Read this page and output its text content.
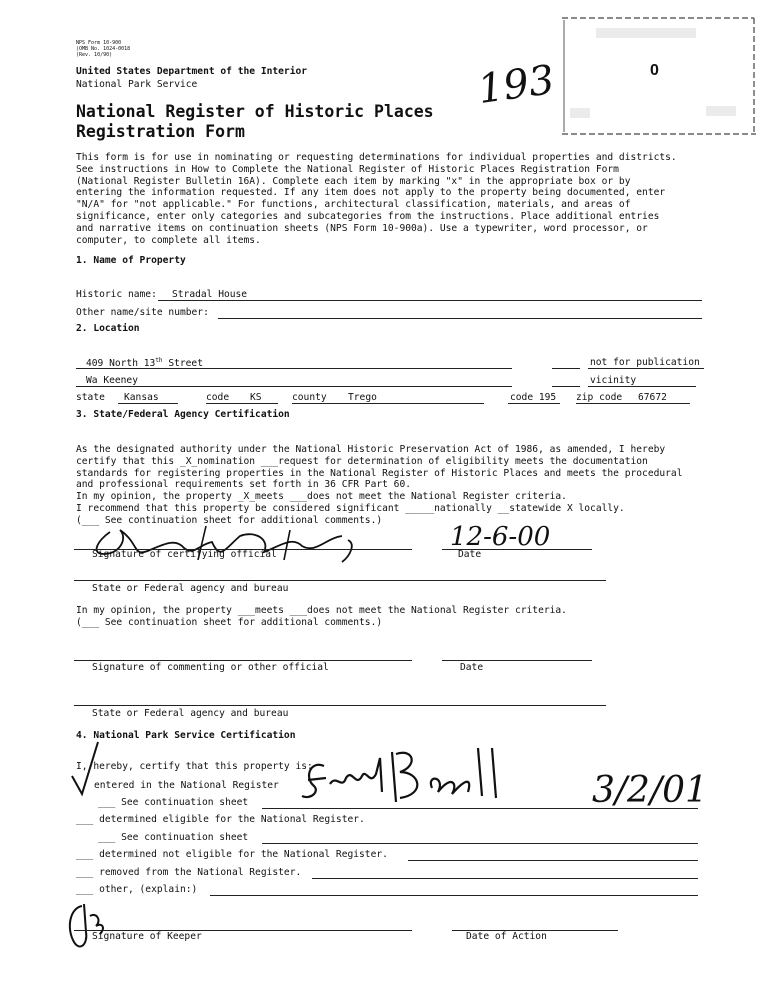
NPS Form 10-900
(OMB No. 1024-0018
(Rev. 10/90)
United States Department of the Interior
National Park Service
National Register of Historic Places
Registration Form
193	0
This form is for use in nominating or requesting determinations for individual properties and districts.
See instructions in How to Complete the National Register of Historic Places Registration Form
(National Register Bulletin 16A). Complete each item by marking "x" in the appropriate box or by
entering the information requested. If any item does not apply to the property being documented, enter
"N/A" for "not applicable." For functions, architectural classification, materials, and areas of
significance, enter only categories and subcategories from the instructions. Place additional entries
and narrative items on continuation sheets (NPS Form 10-900a). Use a typewriter, word processor, or
computer, to complete all items.
1. Name of Property
Historic name: Stradal House
Other name/site number:
2. Location
409 North 13th Street	not for publication
Wa Keeney	vicinity
state Kansas	code KS	county Trego	code 195 zip code 67672
3. State/Federal Agency Certification
As the designated authority under the National Historic Preservation Act of 1986, as amended, I hereby
certify that this _X_nomination ___request for determination of eligibility meets the documentation
standards for registering properties in the National Register of Historic Places and meets the procedural
and professional requirements set forth in 36 CFR Part 60.
In my opinion, the property _X_meets ___does not meet the National Register criteria.
I recommend that this property be considered significant _____nationally __statewide X locally.
(___ See continuation sheet for additional comments.)
12-6-00
Signature of certifying official	Date
State or Federal agency and bureau
In my opinion, the property ___meets ___does not meet the National Register criteria.
(___ See continuation sheet for additional comments.)
Signature of commenting or other official	Date
State or Federal agency and bureau
4. National Park Service Certification
I, hereby, certify that this property is:
entered in the National Register
___ See continuation sheet
___ determined eligible for the National Register.
___ See continuation sheet
___ determined not eligible for the National Register.
___ removed from the National Register.
___ other, (explain:)
3/2/01
Signature of Keeper	Date of Action
